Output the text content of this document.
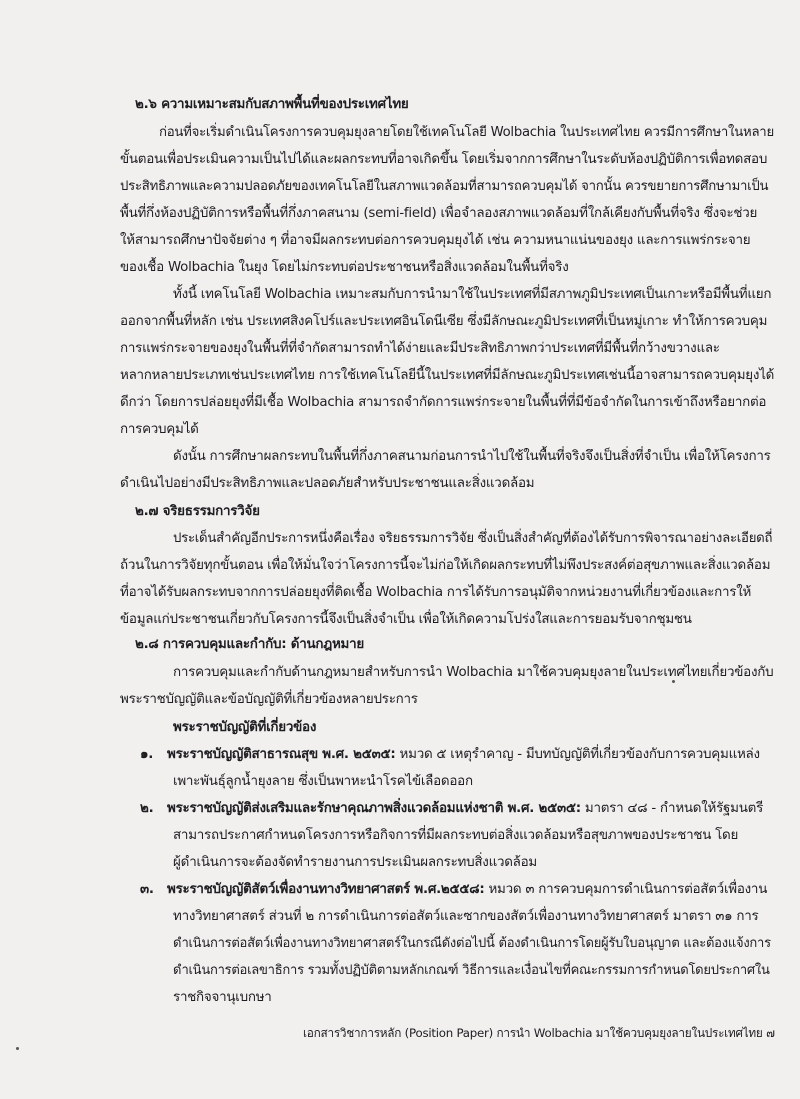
๒.๖ ความเหมาะสมกับสภาพพื้นที่ของประเทศไทย
ก่อนที่จะเริ่มดำเนินโครงการควบคุมยุงลายโดยใช้เทคโนโลยี Wolbachia ในประเทศไทย ควรมีการศึกษาในหลาย
ขั้นตอนเพื่อประเมินความเป็นไปได้และผลกระทบที่อาจเกิดขึ้น โดยเริ่มจากการศึกษาในระดับห้องปฏิบัติการเพื่อทดสอบ
ประสิทธิภาพและความปลอดภัยของเทคโนโลยีในสภาพแวดล้อมที่สามารถควบคุมได้ จากนั้น ควรขยายการศึกษามาเป็น
พื้นที่กึ่งห้องปฏิบัติการหรือพื้นที่กึ่งภาคสนาม (semi-field) เพื่อจำลองสภาพแวดล้อมที่ใกล้เคียงกับพื้นที่จริง ซึ่งจะช่วย
ให้สามารถศึกษาปัจจัยต่าง ๆ ที่อาจมีผลกระทบต่อการควบคุมยุงได้ เช่น ความหนาแน่นของยุง และการแพร่กระจาย
ของเชื้อ Wolbachia ในยุง โดยไม่กระทบต่อประชาชนหรือสิ่งแวดล้อมในพื้นที่จริง
ทั้งนี้ เทคโนโลยี Wolbachia เหมาะสมกับการนำมาใช้ในประเทศที่มีสภาพภูมิประเทศเป็นเกาะหรือมีพื้นที่แยก
ออกจากพื้นที่หลัก เช่น ประเทศสิงคโปร์และประเทศอินโดนีเซีย ซึ่งมีลักษณะภูมิประเทศที่เป็นหมู่เกาะ ทำให้การควบคุม
การแพร่กระจายของยุงในพื้นที่ที่จำกัดสามารถทำได้ง่ายและมีประสิทธิภาพกว่าประเทศที่มีพื้นที่กว้างขวางและ
หลากหลายประเภทเช่นประเทศไทย การใช้เทคโนโลยีนี้ในประเทศที่มีลักษณะภูมิประเทศเช่นนี้อาจสามารถควบคุมยุงได้
ดีกว่า โดยการปล่อยยุงที่มีเชื้อ Wolbachia สามารถจำกัดการแพร่กระจายในพื้นที่ที่มีข้อจำกัดในการเข้าถึงหรือยากต่อ
การควบคุมได้
ดังนั้น การศึกษาผลกระทบในพื้นที่กึ่งภาคสนามก่อนการนำไปใช้ในพื้นที่จริงจึงเป็นสิ่งที่จำเป็น เพื่อให้โครงการ
ดำเนินไปอย่างมีประสิทธิภาพและปลอดภัยสำหรับประชาชนและสิ่งแวดล้อม
๒.๗ จริยธรรมการวิจัย
ประเด็นสำคัญอีกประการหนึ่งคือเรื่อง จริยธรรมการวิจัย ซึ่งเป็นสิ่งสำคัญที่ต้องได้รับการพิจารณาอย่างละเอียดถี่
ถ้วนในการวิจัยทุกขั้นตอน เพื่อให้มั่นใจว่าโครงการนี้จะไม่ก่อให้เกิดผลกระทบที่ไม่พึงประสงค์ต่อสุขภาพและสิ่งแวดล้อม
ที่อาจได้รับผลกระทบจากการปล่อยยุงที่ติดเชื้อ Wolbachia การได้รับการอนุมัติจากหน่วยงานที่เกี่ยวข้องและการให้
ข้อมูลแก่ประชาชนเกี่ยวกับโครงการนี้จึงเป็นสิ่งจำเป็น เพื่อให้เกิดความโปร่งใสและการยอมรับจากชุมชน
๒.๘ การควบคุมและกำกับ: ด้านกฎหมาย
การควบคุมและกำกับด้านกฎหมายสำหรับการนำ Wolbachia มาใช้ควบคุมยุงลายในประเทศไทยเกี่ยวข้องกับ
พระราชบัญญัติและข้อบัญญัติที่เกี่ยวข้องหลายประการ
พระราชบัญญัติที่เกี่ยวข้อง
๑. พระราชบัญญัติสาธารณสุข พ.ศ. ๒๕๓๕: หมวด ๕ เหตุรำคาญ - มีบทบัญญัติที่เกี่ยวข้องกับการควบคุมแหล่ง
เพาะพันธุ์ลูกน้ำยุงลาย ซึ่งเป็นพาหะนำโรคไข้เลือดออก
๒. พระราชบัญญัติส่งเสริมและรักษาคุณภาพสิ่งแวดล้อมแห่งชาติ พ.ศ. ๒๕๓๕: มาตรา ๔๘ - กำหนดให้รัฐมนตรี
สามารถประกาศกำหนดโครงการหรือกิจการที่มีผลกระทบต่อสิ่งแวดล้อมหรือสุขภาพของประชาชน โดย
ผู้ดำเนินการจะต้องจัดทำรายงานการประเมินผลกระทบสิ่งแวดล้อม
๓. พระราชบัญญัติสัตว์เพื่องานทางวิทยาศาสตร์ พ.ศ.๒๕๕๘: หมวด ๓ การควบคุมการดำเนินการต่อสัตว์เพื่องาน
ทางวิทยาศาสตร์ ส่วนที่ ๒ การดำเนินการต่อสัตว์และซากของสัตว์เพื่องานทางวิทยาศาสตร์ มาตรา ๓๑ การ
ดำเนินการต่อสัตว์เพื่องานทางวิทยาศาสตร์ในกรณีดังต่อไปนี้ ต้องดำเนินการโดยผู้รับใบอนุญาต และต้องแจ้งการ
ดำเนินการต่อเลขาธิการ รวมทั้งปฏิบัติตามหลักเกณฑ์ วิธีการและเงื่อนไขที่คณะกรรมการกำหนดโดยประกาศใน
ราชกิจจานุเบกษา
เอกสารวิชาการหลัก (Position Paper) การนำ Wolbachia มาใช้ควบคุมยุงลายในประเทศไทย ๗
